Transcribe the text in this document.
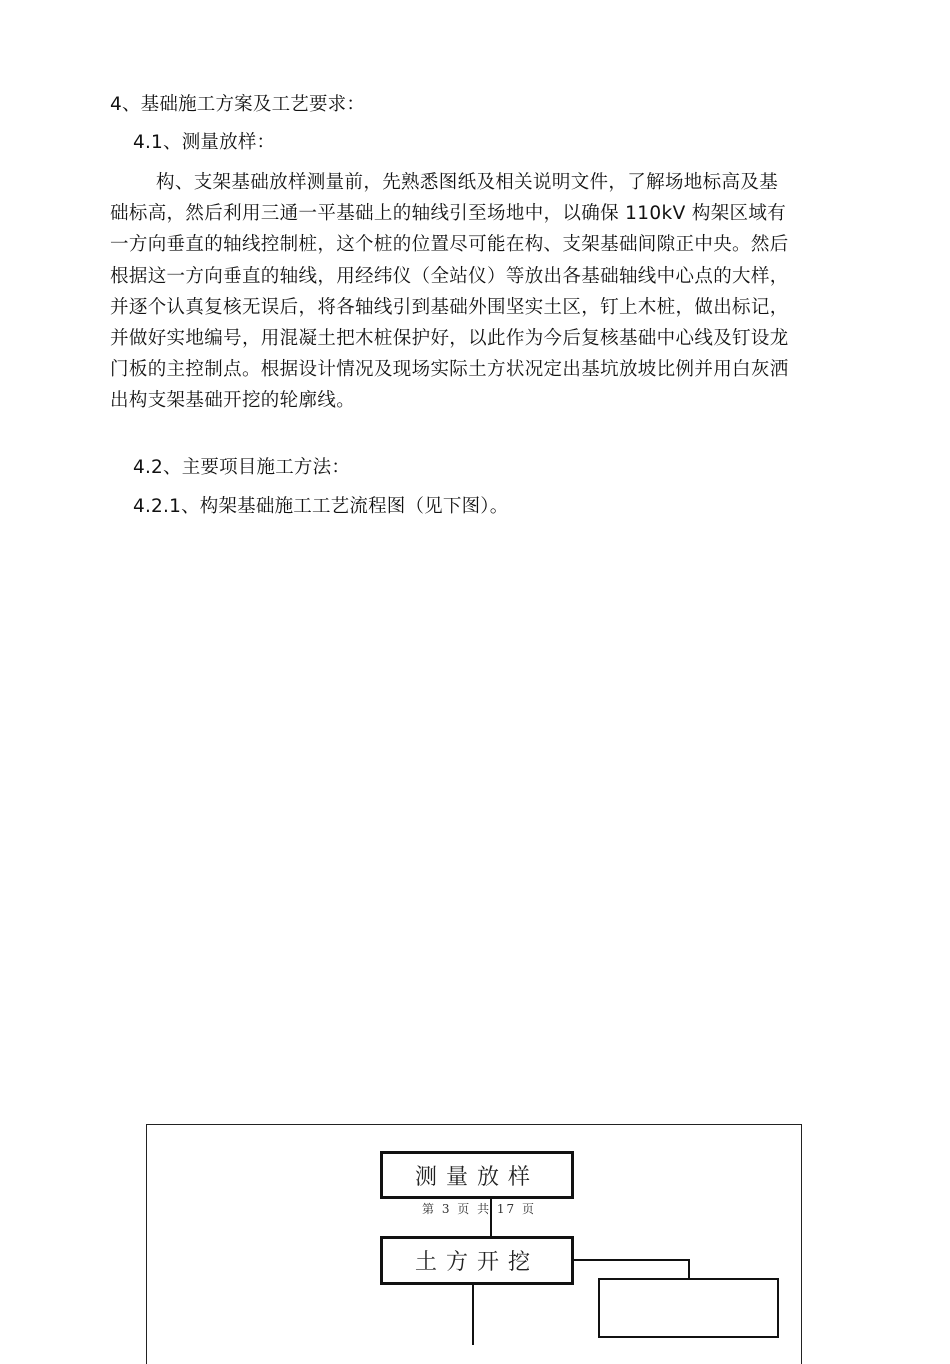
4、基础施工方案及工艺要求：
4.1、测量放样：
构、支架基础放样测量前，先熟悉图纸及相关说明文件，了解场地标高及基
础标高，然后利用三通一平基础上的轴线引至场地中，以确保 110kV 构架区域有
一方向垂直的轴线控制桩，这个桩的位置尽可能在构、支架基础间隙正中央。然后
根据这一方向垂直的轴线，用经纬仪（全站仪）等放出各基础轴线中心点的大样，
并逐个认真复核无误后，将各轴线引到基础外围坚实土区，钉上木桩，做出标记，
并做好实地编号，用混凝土把木桩保护好，以此作为今后复核基础中心线及钉设龙
门板的主控制点。根据设计情况及现场实际土方状况定出基坑放坡比例并用白灰洒
出构支架基础开挖的轮廓线。
4.2、主要项目施工方法：
4.2.1、构架基础施工工艺流程图（见下图）。
测量放样
土方开挖
第 3 页 共 17 页
